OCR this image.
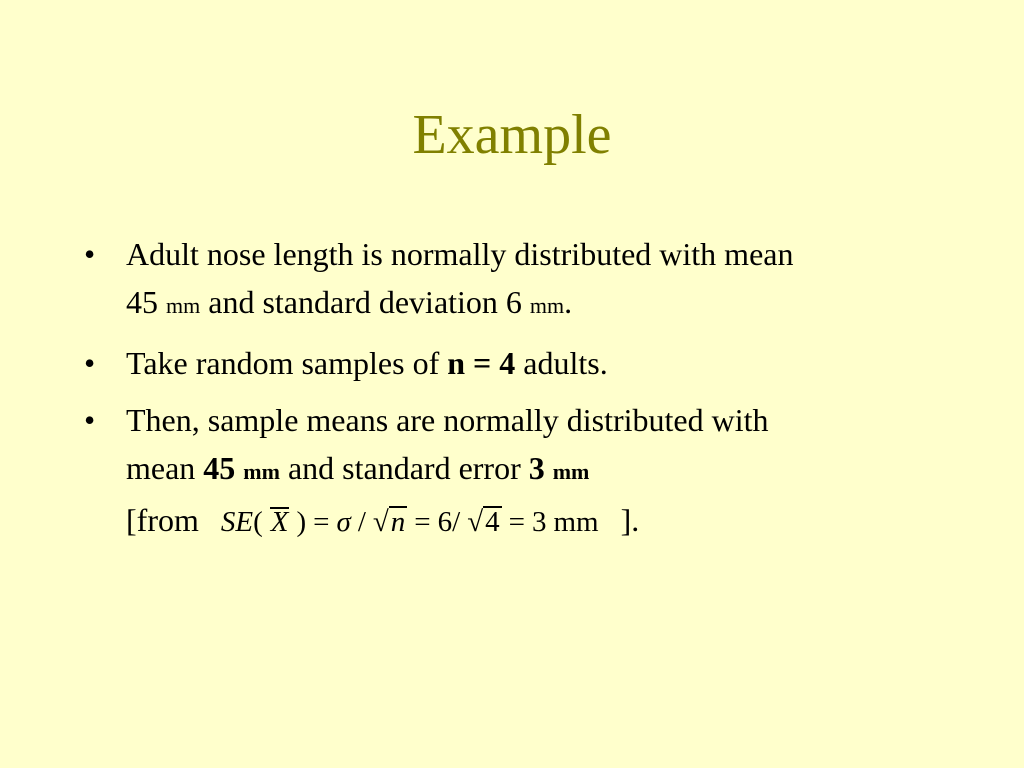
Example
• Adult nose length is normally distributed with mean
45 mm and standard deviation 6 mm.
• Take random samples of n = 4 adults.
• Then, sample means are normally distributed with
mean 45 mm and standard error 3 mm
[from SE( X ) = σ / √n = 6/ √4 = 3 mm ].
